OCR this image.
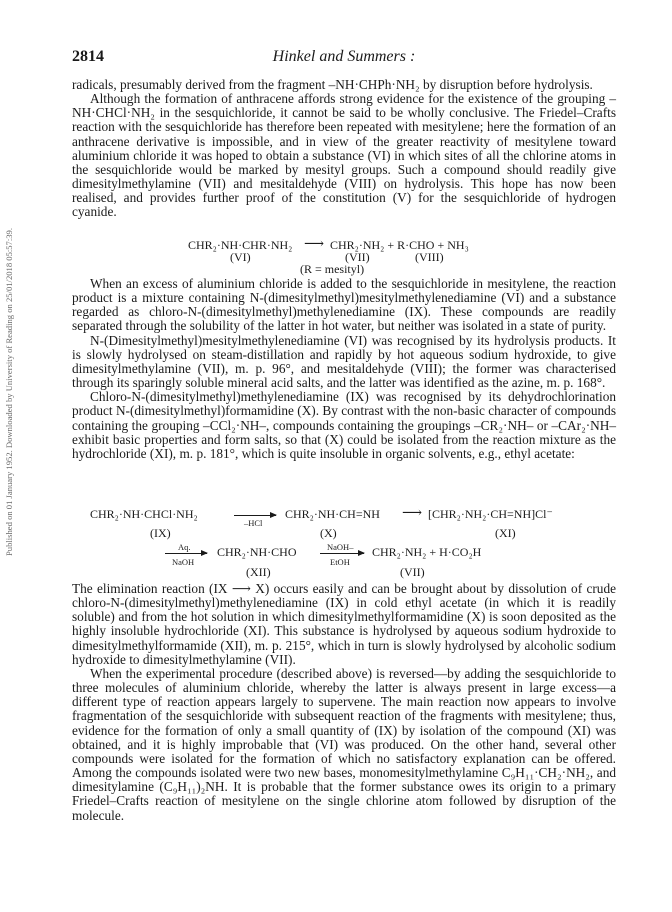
Published on 01 January 1952. Downloaded by University of Reading on 25/01/2018 05:57:39.
2814	Hinkel and Summers :

radicals, presumably derived from the fragment –NH·CHPh·NH₂ by disruption before hydrolysis.

Although the formation of anthracene affords strong evidence for the existence of the grouping –NH·CHCl·NH₂ in the sesquichloride, it cannot be said to be wholly conclusive. The Friedel–Crafts reaction with the sesquichloride has therefore been repeated with mesitylene; here the formation of an anthracene derivative is impossible, and in view of the greater reactivity of mesitylene toward aluminium chloride it was hoped to obtain a substance (VI) in which sites of all the chlorine atoms in the sesquichloride would be marked by mesityl groups. Such a compound should readily give dimesitylmethylamine (VII) and mesitaldehyde (VIII) on hydrolysis. This hope has now been realised, and provides further proof of the constitution (V) for the sesquichloride of hydrogen cyanide.

CHR₂·NH·CHR·NH₂ ⟶ CHR₂·NH₂ + R·CHO + NH₃
(VI)	(VII)	(VIII)
(R = mesityl)

When an excess of aluminium chloride is added to the sesquichloride in mesitylene, the reaction product is a mixture containing N-(dimesitylmethyl)mesitylmethylenediamine (VI) and a substance regarded as chloro-N-(dimesitylmethyl)methylenediamine (IX). These compounds are readily separated through the solubility of the latter in hot water, but neither was isolated in a state of purity.

N-(Dimesitylmethyl)mesitylmethylenediamine (VI) was recognised by its hydrolysis products. It is slowly hydrolysed on steam-distillation and rapidly by hot aqueous sodium hydroxide, to give dimesitylmethylamine (VII), m. p. 96°, and mesitaldehyde (VIII); the former was characterised through its sparingly soluble mineral acid salts, and the latter was identified as the azine, m. p. 168°.

Chloro-N-(dimesitylmethyl)methylenediamine (IX) was recognised by its dehydrochlorination product N-(dimesitylmethyl)formamidine (X). By contrast with the non-basic character of compounds containing the grouping –CCl₂·NH–, compounds containing the groupings –CR₂·NH– or –CAr₂·NH– exhibit basic properties and form salts, so that (X) could be isolated from the reaction mixture as the hydrochloride (XI), m. p. 181°, which is quite insoluble in organic solvents, e.g., ethyl acetate:

CHR₂·NH·CHCl·NH₂
–HCl
CHR₂·NH·CH=NH ⟶ [CHR₂·NH₂·CH=NH]Cl⁻
(IX)	(X)	(XI)
Aq.
NaOH
CHR₂·NH·CHO	NaOH–
EtOH
CHR₂·NH₂ + H·CO₂H
(XII)	(VII)

The elimination reaction (IX ⟶ X) occurs easily and can be brought about by dissolution of crude chloro-N-(dimesitylmethyl)methylenediamine (IX) in cold ethyl acetate (in which it is readily soluble) and from the hot solution in which dimesitylmethylformamidine (X) is soon deposited as the highly insoluble hydrochloride (XI). This substance is hydrolysed by aqueous sodium hydroxide to dimesitylmethylformamide (XII), m. p. 215°, which in turn is slowly hydrolysed by alcoholic sodium hydroxide to dimesitylmethylamine (VII).

When the experimental procedure (described above) is reversed—by adding the sesquichloride to three molecules of aluminium chloride, whereby the latter is always present in large excess—a different type of reaction appears largely to supervene. The main reaction now appears to involve fragmentation of the sesquichloride with subsequent reaction of the fragments with mesitylene; thus, evidence for the formation of only a small quantity of (IX) by isolation of the compound (XI) was obtained, and it is highly improbable that (VI) was produced. On the other hand, several other compounds were isolated for the formation of which no satisfactory explanation can be offered. Among the compounds isolated were two new bases, monomesitylmethylamine C₉H₁₁·CH₂·NH₂, and dimesitylamine (C₉H₁₁)₂NH. It is probable that the former substance owes its origin to a primary Friedel–Crafts reaction of mesitylene on the single chlorine atom followed by disruption of the molecule.
